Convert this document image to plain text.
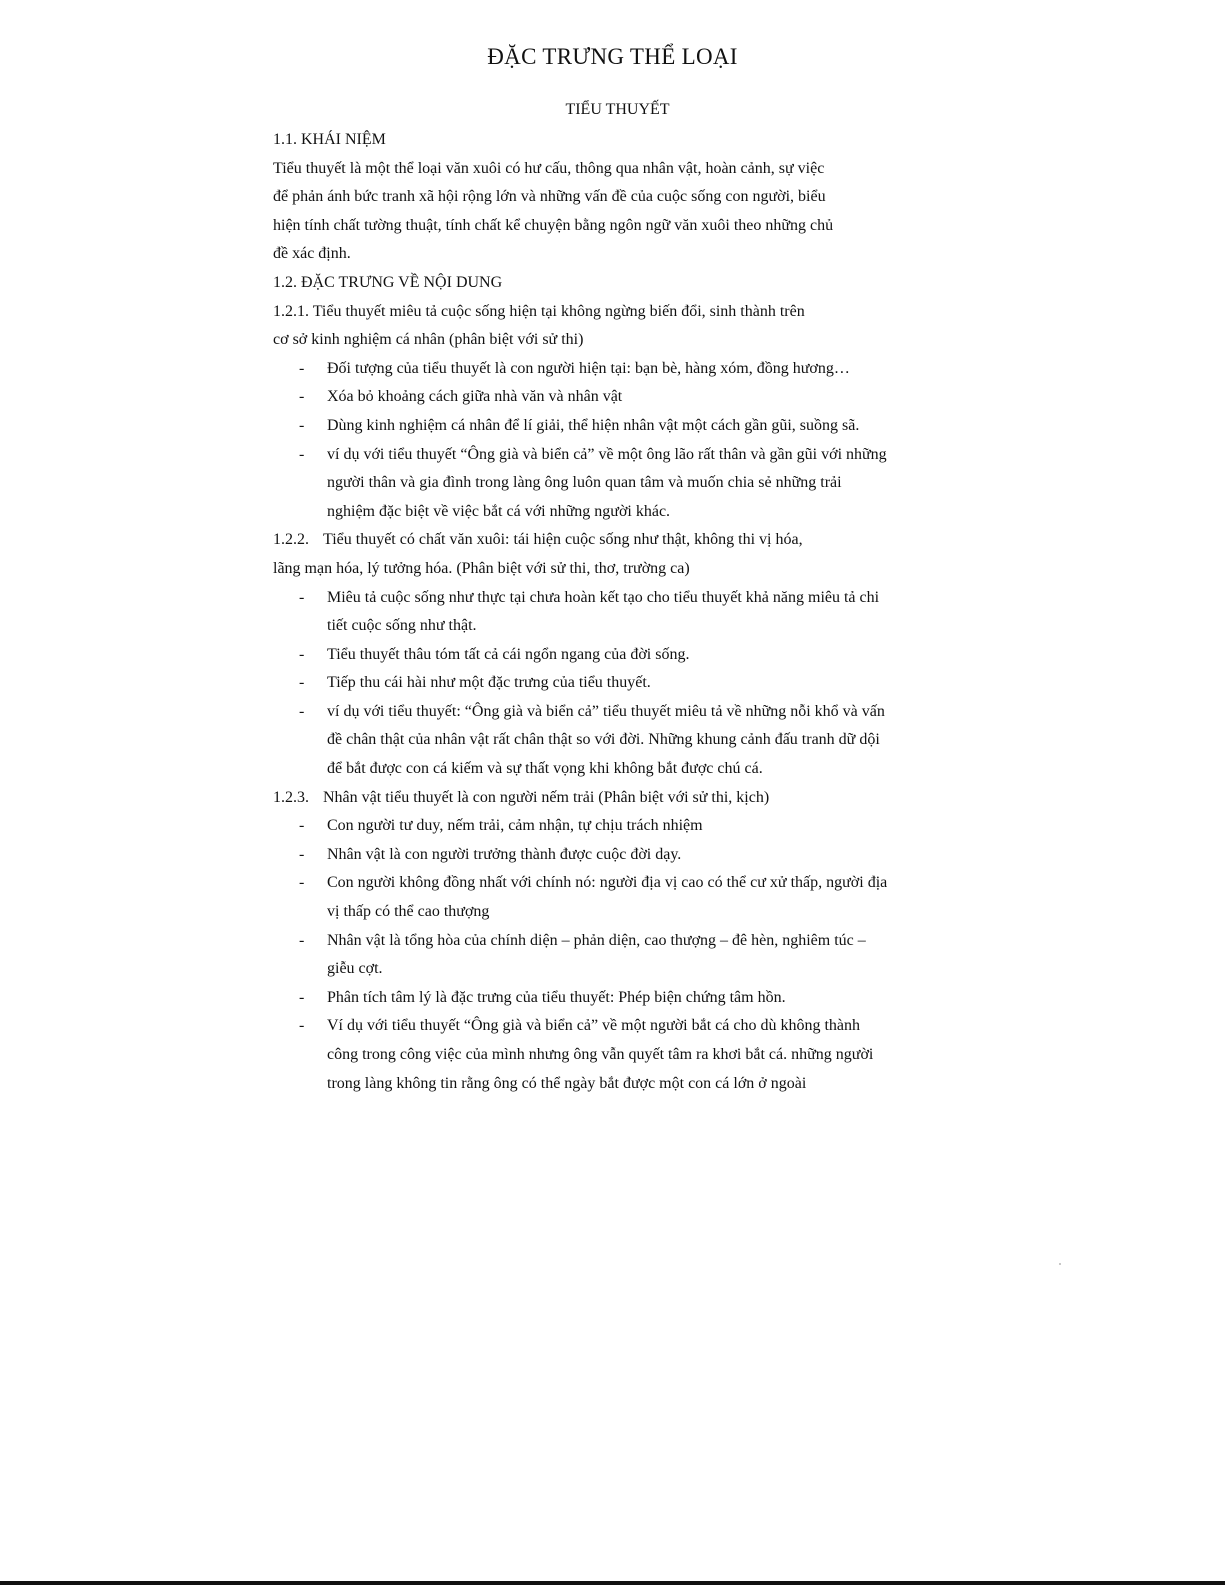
ĐẶC TRƯNG THỂ LOẠI
TIỂU THUYẾT
1.1. KHÁI NIỆM
Tiểu thuyết là một thể loại văn xuôi có hư cấu, thông qua nhân vật, hoàn cảnh, sự việc
để phản ánh bức tranh xã hội rộng lớn và những vấn đề của cuộc sống con người, biểu
hiện tính chất tường thuật, tính chất kể chuyện bằng ngôn ngữ văn xuôi theo những chủ
đề xác định.
1.2. ĐẶC TRƯNG VỀ NỘI DUNG
1.2.1. Tiểu thuyết miêu tả cuộc sống hiện tại không ngừng biến đổi, sinh thành trên
cơ sở kinh nghiệm cá nhân (phân biệt với sử thi)
- Đối tượng của tiểu thuyết là con người hiện tại: bạn bè, hàng xóm, đồng hương…
- Xóa bỏ khoảng cách giữa nhà văn và nhân vật
- Dùng kinh nghiệm cá nhân để lí giải, thể hiện nhân vật một cách gần gũi, suồng sã.
- ví dụ với tiểu thuyết “Ông già và biển cả” về một ông lão rất thân và gần gũi với những người thân và gia đình trong làng ông luôn quan tâm và muốn chia sẻ những trải nghiệm đặc biệt về việc bắt cá với những người khác.
1.2.2. Tiểu thuyết có chất văn xuôi: tái hiện cuộc sống như thật, không thi vị hóa,
lãng mạn hóa, lý tưởng hóa. (Phân biệt với sử thi, thơ, trường ca)
- Miêu tả cuộc sống như thực tại chưa hoàn kết tạo cho tiểu thuyết khả năng miêu tả chi tiết cuộc sống như thật.
- Tiểu thuyết thâu tóm tất cả cái ngổn ngang của đời sống.
- Tiếp thu cái hài như một đặc trưng của tiểu thuyết.
- ví dụ với tiểu thuyết: “Ông già và biển cả” tiểu thuyết miêu tả về những nỗi khổ và vấn đề chân thật của nhân vật rất chân thật so với đời. Những khung cảnh đấu tranh dữ dội để bắt được con cá kiếm và sự thất vọng khi không bắt được chú cá.
1.2.3. Nhân vật tiểu thuyết là con người nếm trải (Phân biệt với sử thi, kịch)
- Con người tư duy, nếm trải, cảm nhận, tự chịu trách nhiệm
- Nhân vật là con người trưởng thành được cuộc đời dạy.
- Con người không đồng nhất với chính nó: người địa vị cao có thể cư xử thấp, người địa vị thấp có thể cao thượng
- Nhân vật là tổng hòa của chính diện – phản diện, cao thượng – đê hèn, nghiêm túc – giễu cợt.
- Phân tích tâm lý là đặc trưng của tiểu thuyết: Phép biện chứng tâm hồn.
- Ví dụ với tiểu thuyết “Ông già và biển cả” về một người bắt cá cho dù không thành công trong công việc của mình nhưng ông vẫn quyết tâm ra khơi bắt cá. những người trong làng không tin rằng ông có thể ngày bắt được một con cá lớn ở ngoài
